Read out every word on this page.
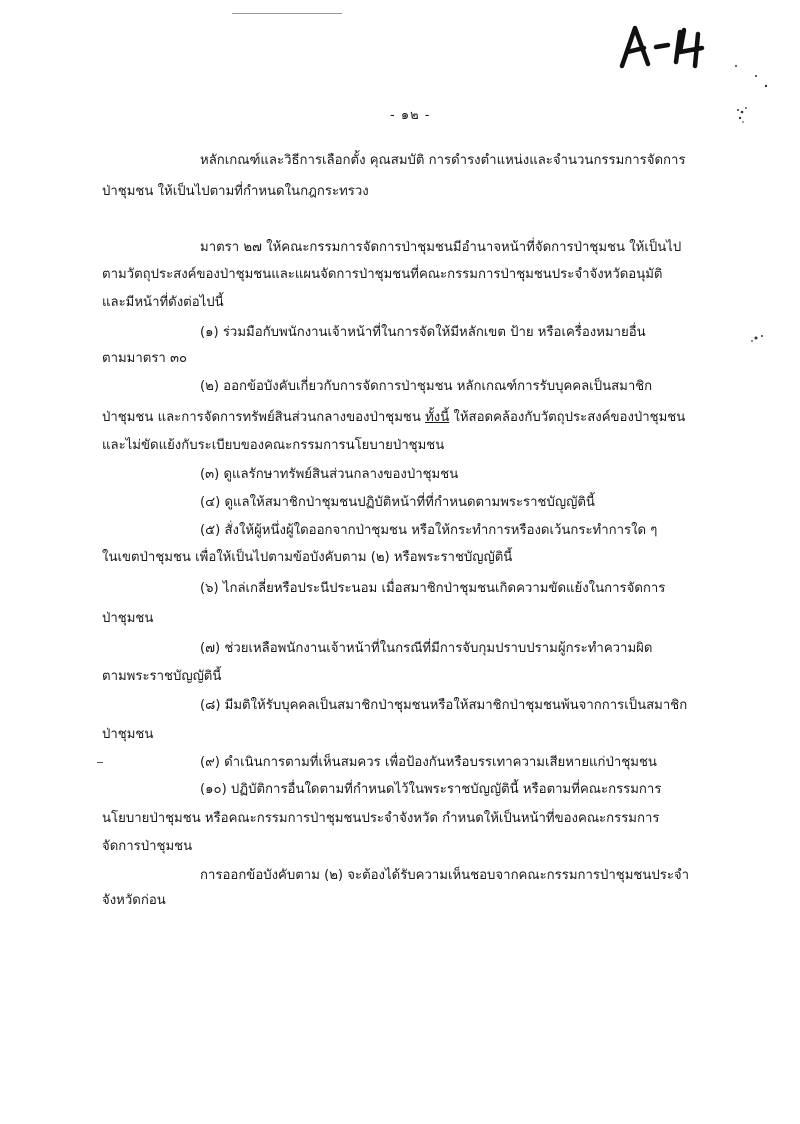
- ๑๒ -
หลักเกณฑ์และวิธีการเลือกตั้ง คุณสมบัติ การดำรงตำแหน่งและจำนวนกรรมการจัดการ
ป่าชุมชน ให้เป็นไปตามที่กำหนดในกฎกระทรวง
มาตรา ๒๗ ให้คณะกรรมการจัดการป่าชุมชนมีอำนาจหน้าที่จัดการป่าชุมชน ให้เป็นไป
ตามวัตถุประสงค์ของป่าชุมชนและแผนจัดการป่าชุมชนที่คณะกรรมการป่าชุมชนประจำจังหวัดอนุมัติ
และมีหน้าที่ดังต่อไปนี้
(๑) ร่วมมือกับพนักงานเจ้าหน้าที่ในการจัดให้มีหลักเขต ป้าย หรือเครื่องหมายอื่น
ตามมาตรา ๓๐
(๒) ออกข้อบังคับเกี่ยวกับการจัดการป่าชุมชน หลักเกณฑ์การรับบุคคลเป็นสมาชิก
ป่าชุมชน และการจัดการทรัพย์สินส่วนกลางของป่าชุมชน ทั้งนี้ ให้สอดคล้องกับวัตถุประสงค์ของป่าชุมชน
และไม่ขัดแย้งกับระเบียบของคณะกรรมการนโยบายป่าชุมชน
(๓) ดูแลรักษาทรัพย์สินส่วนกลางของป่าชุมชน
(๔) ดูแลให้สมาชิกป่าชุมชนปฏิบัติหน้าที่ที่กำหนดตามพระราชบัญญัตินี้
(๕) สั่งให้ผู้หนึ่งผู้ใดออกจากป่าชุมชน หรือให้กระทำการหรืองดเว้นกระทำการใด ๆ
ในเขตป่าชุมชน เพื่อให้เป็นไปตามข้อบังคับตาม (๒) หรือพระราชบัญญัตินี้
(๖) ไกล่เกลี่ยหรือประนีประนอม เมื่อสมาชิกป่าชุมชนเกิดความขัดแย้งในการจัดการ
ป่าชุมชน
(๗) ช่วยเหลือพนักงานเจ้าหน้าที่ในกรณีที่มีการจับกุมปราบปรามผู้กระทำความผิด
ตามพระราชบัญญัตินี้
(๘) มีมติให้รับบุคคลเป็นสมาชิกป่าชุมชนหรือให้สมาชิกป่าชุมชนพ้นจากการเป็นสมาชิก
ป่าชุมชน
(๙) ดำเนินการตามที่เห็นสมควร เพื่อป้องกันหรือบรรเทาความเสียหายแก่ป่าชุมชน
(๑๐) ปฏิบัติการอื่นใดตามที่กำหนดไว้ในพระราชบัญญัตินี้ หรือตามที่คณะกรรมการ
นโยบายป่าชุมชน หรือคณะกรรมการป่าชุมชนประจำจังหวัด กำหนดให้เป็นหน้าที่ของคณะกรรมการ
จัดการป่าชุมชน
การออกข้อบังคับตาม (๒) จะต้องได้รับความเห็นชอบจากคณะกรรมการป่าชุมชนประจำ
จังหวัดก่อน
